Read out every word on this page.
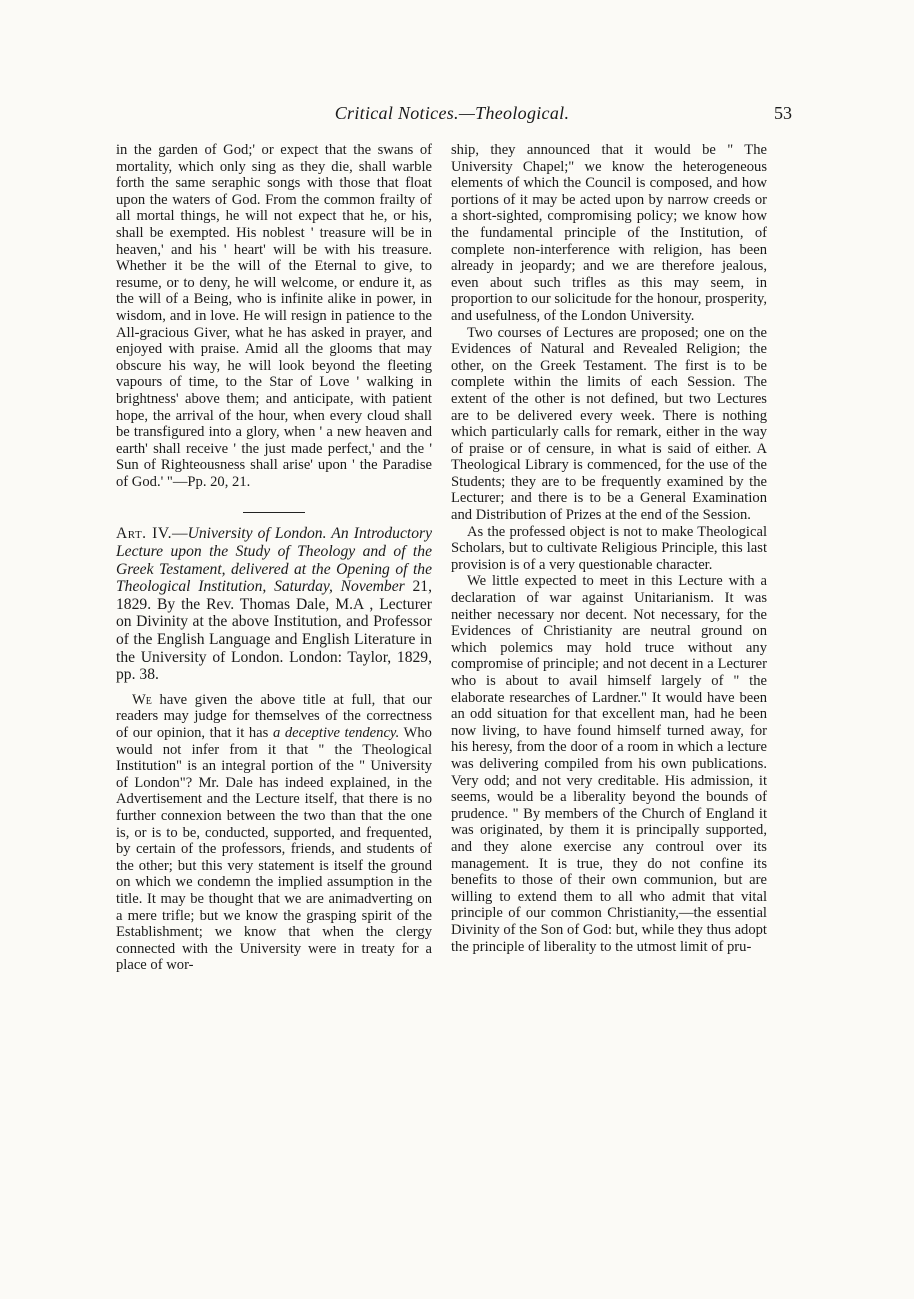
Critical Notices.—Theological.	53

in the garden of God;' or expect that the swans of mortality, which only sing as they die, shall warble forth the same seraphic songs with those that float upon the waters of God. From the common frailty of all mortal things, he will not expect that he, or his, shall be exempted. His noblest ' treasure will be in heaven,' and his ' heart' will be with his treasure. Whether it be the will of the Eternal to give, to resume, or to deny, he will welcome, or endure it, as the will of a Being, who is infinite alike in power, in wisdom, and in love. He will resign in patience to the All-gracious Giver, what he has asked in prayer, and enjoyed with praise. Amid all the glooms that may obscure his way, he will look beyond the fleeting vapours of time, to the Star of Love ' walking in brightness' above them; and anticipate, with patient hope, the arrival of the hour, when every cloud shall be transfigured into a glory, when ' a new heaven and earth' shall receive ' the just made perfect,' and the ' Sun of Righteousness shall arise' upon ' the Paradise of God.' "—Pp. 20, 21.

Art. IV.—University of London. An Introductory Lecture upon the Study of Theology and of the Greek Testament, delivered at the Opening of the Theological Institution, Saturday, November 21, 1829. By the Rev. Thomas Dale, M.A , Lecturer on Divinity at the above Institution, and Professor of the English Language and English Literature in the University of London. London: Taylor, 1829, pp. 38.

We have given the above title at full, that our readers may judge for themselves of the correctness of our opinion, that it has a deceptive tendency. Who would not infer from it that " the Theological Institution" is an integral portion of the " University of London"? Mr. Dale has indeed explained, in the Advertisement and the Lecture itself, that there is no further connexion between the two than that the one is, or is to be, conducted, supported, and frequented, by certain of the professors, friends, and students of the other; but this very statement is itself the ground on which we condemn the implied assumption in the title. It may be thought that we are animadverting on a mere trifle; but we know the grasping spirit of the Establishment; we know that when the clergy connected with the University were in treaty for a place of wor-

ship, they announced that it would be " The University Chapel;" we know the heterogeneous elements of which the Council is composed, and how portions of it may be acted upon by narrow creeds or a short-sighted, compromising policy; we know how the fundamental principle of the Institution, of complete non-interference with religion, has been already in jeopardy; and we are therefore jealous, even about such trifles as this may seem, in proportion to our solicitude for the honour, prosperity, and usefulness, of the London University.

Two courses of Lectures are proposed; one on the Evidences of Natural and Revealed Religion; the other, on the Greek Testament. The first is to be complete within the limits of each Session. The extent of the other is not defined, but two Lectures are to be delivered every week. There is nothing which particularly calls for remark, either in the way of praise or of censure, in what is said of either. A Theological Library is commenced, for the use of the Students; they are to be frequently examined by the Lecturer; and there is to be a General Examination and Distribution of Prizes at the end of the Session.

As the professed object is not to make Theological Scholars, but to cultivate Religious Principle, this last provision is of a very questionable character.

We little expected to meet in this Lecture with a declaration of war against Unitarianism. It was neither necessary nor decent. Not necessary, for the Evidences of Christianity are neutral ground on which polemics may hold truce without any compromise of principle; and not decent in a Lecturer who is about to avail himself largely of " the elaborate researches of Lardner." It would have been an odd situation for that excellent man, had he been now living, to have found himself turned away, for his heresy, from the door of a room in which a lecture was delivering compiled from his own publications. Very odd; and not very creditable. His admission, it seems, would be a liberality beyond the bounds of prudence. " By members of the Church of England it was originated, by them it is principally supported, and they alone exercise any controul over its management. It is true, they do not confine its benefits to those of their own communion, but are willing to extend them to all who admit that vital principle of our common Christianity,—the essential Divinity of the Son of God: but, while they thus adopt the principle of liberality to the utmost limit of pru-
